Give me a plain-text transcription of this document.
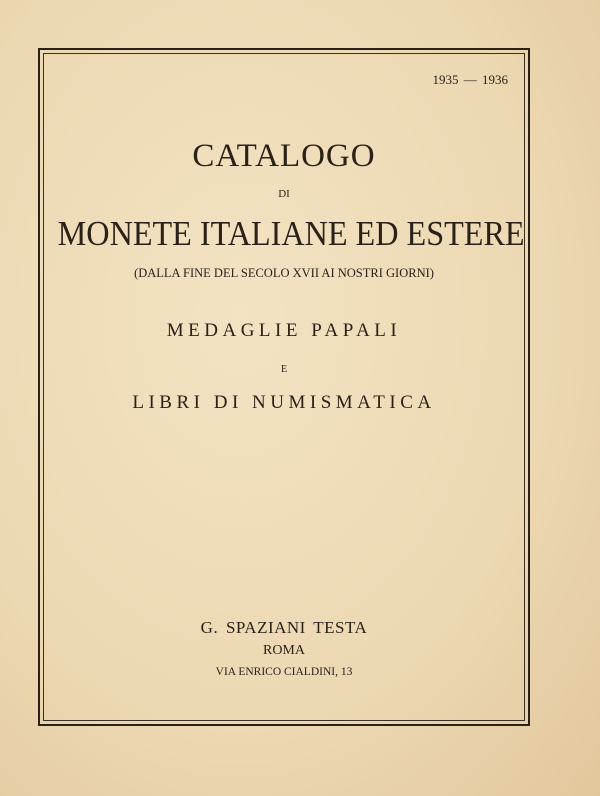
1935 — 1936
CATALOGO
DI
MONETE ITALIANE ED ESTERE
(DALLA FINE DEL SECOLO XVII AI NOSTRI GIORNI)
MEDAGLIE PAPALI
E
LIBRI DI NUMISMATICA
G. SPAZIANI TESTA
ROMA
VIA ENRICO CIALDINI, 13
